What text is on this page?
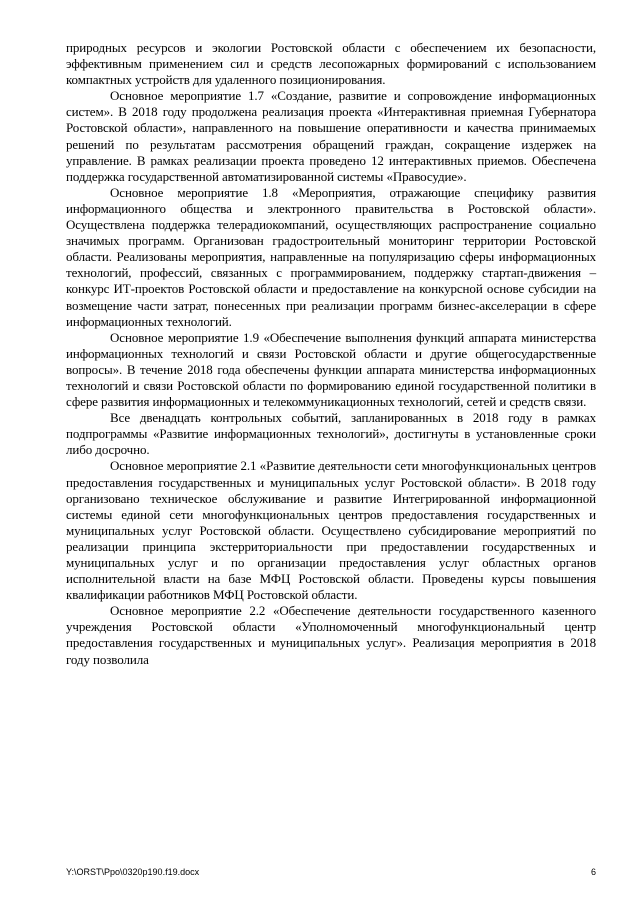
природных ресурсов и экологии Ростовской области с обеспечением их безопасности, эффективным применением сил и средств лесопожарных формирований с использованием компактных устройств для удаленного позиционирования.

Основное мероприятие 1.7 «Создание, развитие и сопровождение информационных систем». В 2018 году продолжена реализация проекта «Интерактивная приемная Губернатора Ростовской области», направленного на повышение оперативности и качества принимаемых решений по результатам рассмотрения обращений граждан, сокращение издержек на управление. В рамках реализации проекта проведено 12 интерактивных приемов. Обеспечена поддержка государственной автоматизированной системы «Правосудие».

Основное мероприятие 1.8 «Мероприятия, отражающие специфику развития информационного общества и электронного правительства в Ростовской области». Осуществлена поддержка телерадиокомпаний, осуществляющих распространение социально значимых программ. Организован градостроительный мониторинг территории Ростовской области. Реализованы мероприятия, направленные на популяризацию сферы информационных технологий, профессий, связанных с программированием, поддержку стартап-движения – конкурс ИТ-проектов Ростовской области и предоставление на конкурсной основе субсидии на возмещение части затрат, понесенных при реализации программ бизнес-акселерации в сфере информационных технологий.

Основное мероприятие 1.9 «Обеспечение выполнения функций аппарата министерства информационных технологий и связи Ростовской области и другие общегосударственные вопросы». В течение 2018 года обеспечены функции аппарата министерства информационных технологий и связи Ростовской области по формированию единой государственной политики в сфере развития информационных и телекоммуникационных технологий, сетей и средств связи.

Все двенадцать контрольных событий, запланированных в 2018 году в рамках подпрограммы «Развитие информационных технологий», достигнуты в установленные сроки либо досрочно.

Основное мероприятие 2.1 «Развитие деятельности сети многофункциональных центров предоставления государственных и муниципальных услуг Ростовской области». В 2018 году организовано техническое обслуживание и развитие Интегрированной информационной системы единой сети многофункциональных центров предоставления государственных и муниципальных услуг Ростовской области. Осуществлено субсидирование мероприятий по реализации принципа экстерриториальности при предоставлении государственных и муниципальных услуг и по организации предоставления услуг областных органов исполнительной власти на базе МФЦ Ростовской области. Проведены курсы повышения квалификации работников МФЦ Ростовской области.

Основное мероприятие 2.2 «Обеспечение деятельности государственного казенного учреждения Ростовской области «Уполномоченный многофункциональный центр предоставления государственных и муниципальных услуг». Реализация мероприятия в 2018 году позволила

Y:\ORST\Ppo\0320p190.f19.docx	6
